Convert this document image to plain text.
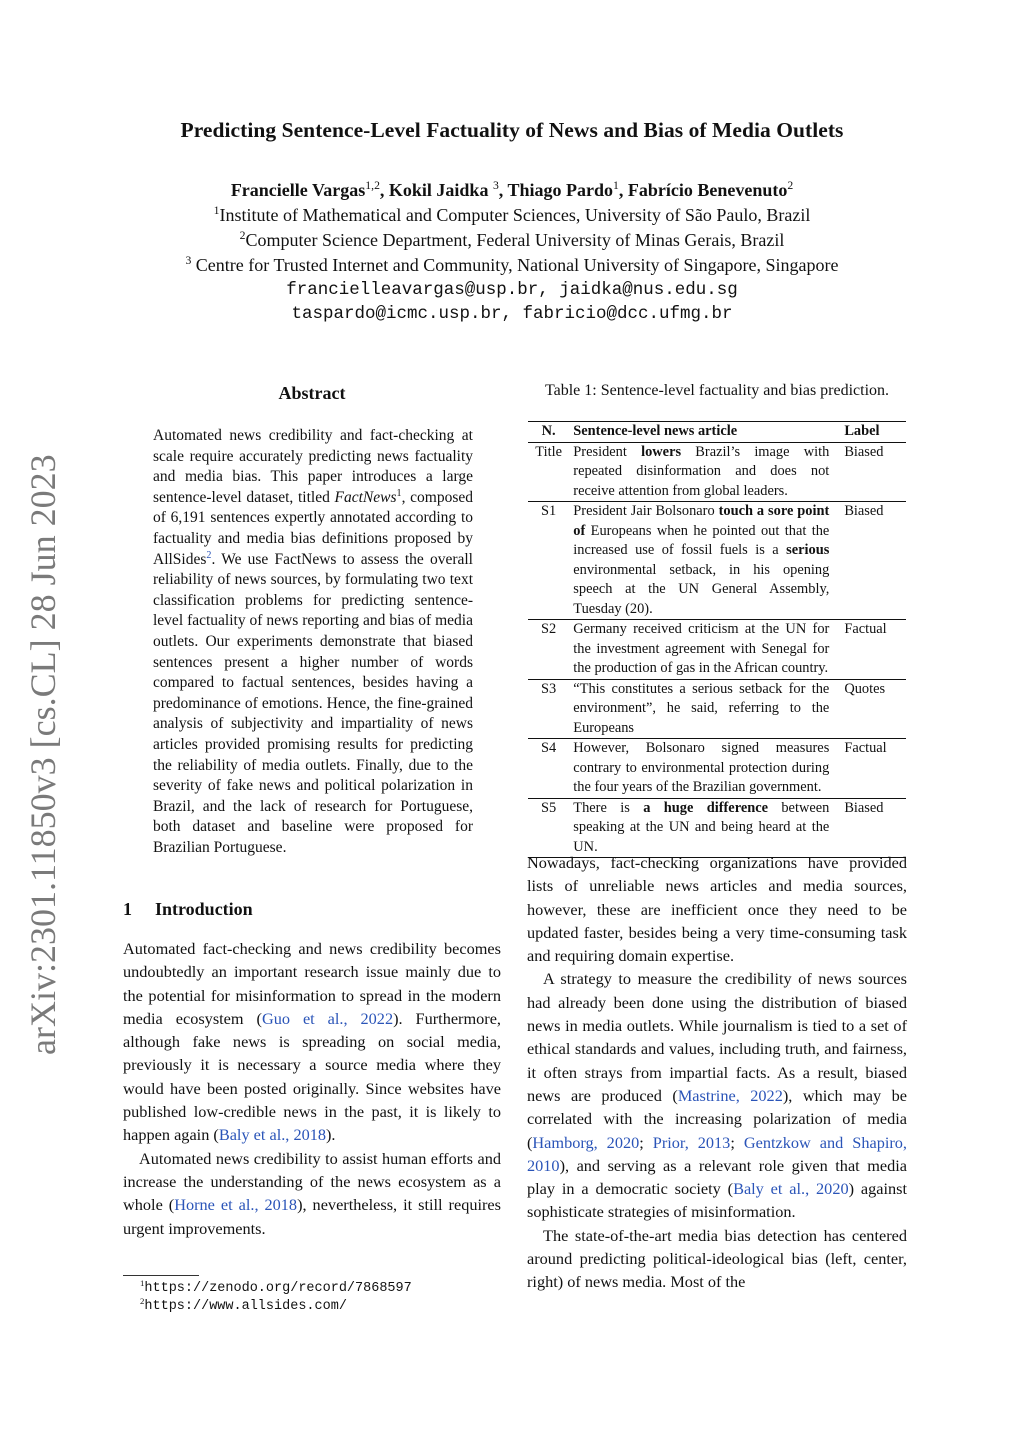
Predicting Sentence-Level Factuality of News and Bias of Media Outlets
Francielle Vargas$^{1,2}$, Kokil Jaidka $^3$, Thiago Pardo$^1$, Fabrício Benevenuto$^2$
$^1$Institute of Mathematical and Computer Sciences, University of São Paulo, Brazil
$^2$Computer Science Department, Federal University of Minas Gerais, Brazil
$^3$ Centre for Trusted Internet and Community, National University of Singapore, Singapore
francielleavargas@usp.br, jaidka@nus.edu.sg
taspardo@icmc.usp.br, fabricio@dcc.ufmg.br
arXiv:2301.11850v3 [cs.CL] 28 Jun 2023
Abstract
Automated news credibility and fact-checking at scale require accurately predicting news factuality and media bias. This paper introduces a large sentence-level dataset, titled FactNews$^1$, composed of 6,191 sentences expertly annotated according to factuality and media bias definitions proposed by AllSides$^2$. We use FactNews to assess the overall reliability of news sources, by formulating two text classification problems for predicting sentence-level factuality of news reporting and bias of media outlets. Our experiments demonstrate that biased sentences present a higher number of words compared to factual sentences, besides having a predominance of emotions. Hence, the fine-grained analysis of subjectivity and impartiality of news articles provided promising results for predicting the reliability of media outlets. Finally, due to the severity of fake news and political polarization in Brazil, and the lack of research for Portuguese, both dataset and baseline were proposed for Brazilian Portuguese.
1 Introduction

Automated fact-checking and news credibility becomes undoubtedly an important research issue mainly due to the potential for misinformation to spread in the modern media ecosystem (Guo et al., 2022). Furthermore, although fake news is spreading on social media, previously it is necessary a source media where they would have been posted originally. Since websites have published low-credible news in the past, it is likely to happen again (Baly et al., 2018).

Automated news credibility to assist human efforts and increase the understanding of the news ecosystem as a whole (Horne et al., 2018), nevertheless, it still requires urgent improvements.

$^1$https://zenodo.org/record/7868597
$^2$https://www.allsides.com/
Table 1: Sentence-level factuality and bias prediction.
N.	Sentence-level news article	Label
Title	President lowers Brazil’s image with repeated disinformation and does not receive attention from global leaders.	Biased
S1	President Jair Bolsonaro touch a sore point of Europeans when he pointed out that the increased use of fossil fuels is a serious environmental setback, in his opening speech at the UN General Assembly, Tuesday (20).	Biased
S2	Germany received criticism at the UN for the investment agreement with Senegal for the production of gas in the African country.	Factual
S3	“This constitutes a serious setback for the environment”, he said, referring to the Europeans	Quotes
S4	However, Bolsonaro signed measures contrary to environmental protection during the four years of the Brazilian government.	Factual
S5	There is a huge difference between speaking at the UN and being heard at the UN.	Biased

Nowadays, fact-checking organizations have provided lists of unreliable news articles and media sources, however, these are inefficient once they need to be updated faster, besides being a very time-consuming task and requiring domain expertise.

A strategy to measure the credibility of news sources had already been done using the distribution of biased news in media outlets. While journalism is tied to a set of ethical standards and values, including truth, and fairness, it often strays from impartial facts. As a result, biased news are produced (Mastrine, 2022), which may be correlated with the increasing polarization of media (Hamborg, 2020; Prior, 2013; Gentzkow and Shapiro, 2010), and serving as a relevant role given that media play in a democratic society (Baly et al., 2020) against sophisticate strategies of misinformation.

The state-of-the-art media bias detection has centered around predicting political-ideological bias (left, center, right) of news media. Most of the
